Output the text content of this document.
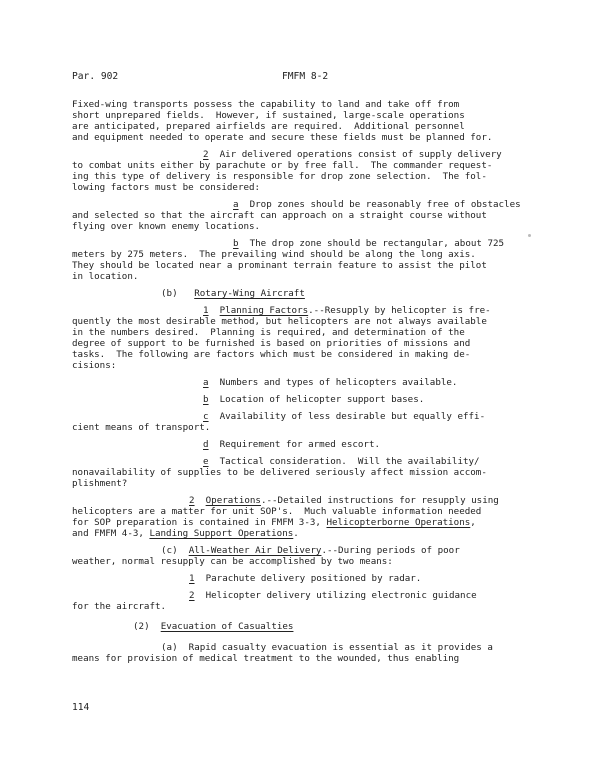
Par. 902	FMFM 8-2
Fixed-wing transports possess the capability to land and take off from
short unprepared fields.  However, if sustained, large-scale operations
are anticipated, prepared airfields are required.  Additional personnel
and equipment needed to operate and secure these fields must be planned for.
2  Air delivered operations consist of supply delivery
to combat units either by parachute or by free fall.  The commander request-
ing this type of delivery is responsible for drop zone selection.  The fol-
lowing factors must be considered:
a  Drop zones should be reasonably free of obstacles
and selected so that the aircraft can approach on a straight course without
flying over known enemy locations.
b  The drop zone should be rectangular, about 725
meters by 275 meters.  The prevailing wind should be along the long axis.
They should be located near a prominant terrain feature to assist the pilot
in location.
(b) Rotary-Wing Aircraft
1 Planning Factors.--Resupply by helicopter is fre-
quently the most desirable method, but helicopters are not always available
in the numbers desired.  Planning is required, and determination of the
degree of support to be furnished is based on priorities of missions and
tasks.  The following are factors which must be considered in making de-
cisions:
a  Numbers and types of helicopters available.
b  Location of helicopter support bases.
c  Availability of less desirable but equally effi-
cient means of transport.
d  Requirement for armed escort.
e  Tactical consideration.  Will the availability/
nonavailability of supplies to be delivered seriously affect mission accom-
plishment?
2 Operations.--Detailed instructions for resupply using
helicopters are a matter for unit SOP's.  Much valuable information needed
for SOP preparation is contained in FMFM 3-3, Helicopterborne Operations,
and FMFM 4-3, Landing Support Operations.
(c) All-Weather Air Delivery.--During periods of poor
weather, normal resupply can be accomplished by two means:
1  Parachute delivery positioned by radar.
2  Helicopter delivery utilizing electronic guidance
for the aircraft.
(2) Evacuation of Casualties
(a)  Rapid casualty evacuation is essential as it provides a
means for provision of medical treatment to the wounded, thus enabling
114
